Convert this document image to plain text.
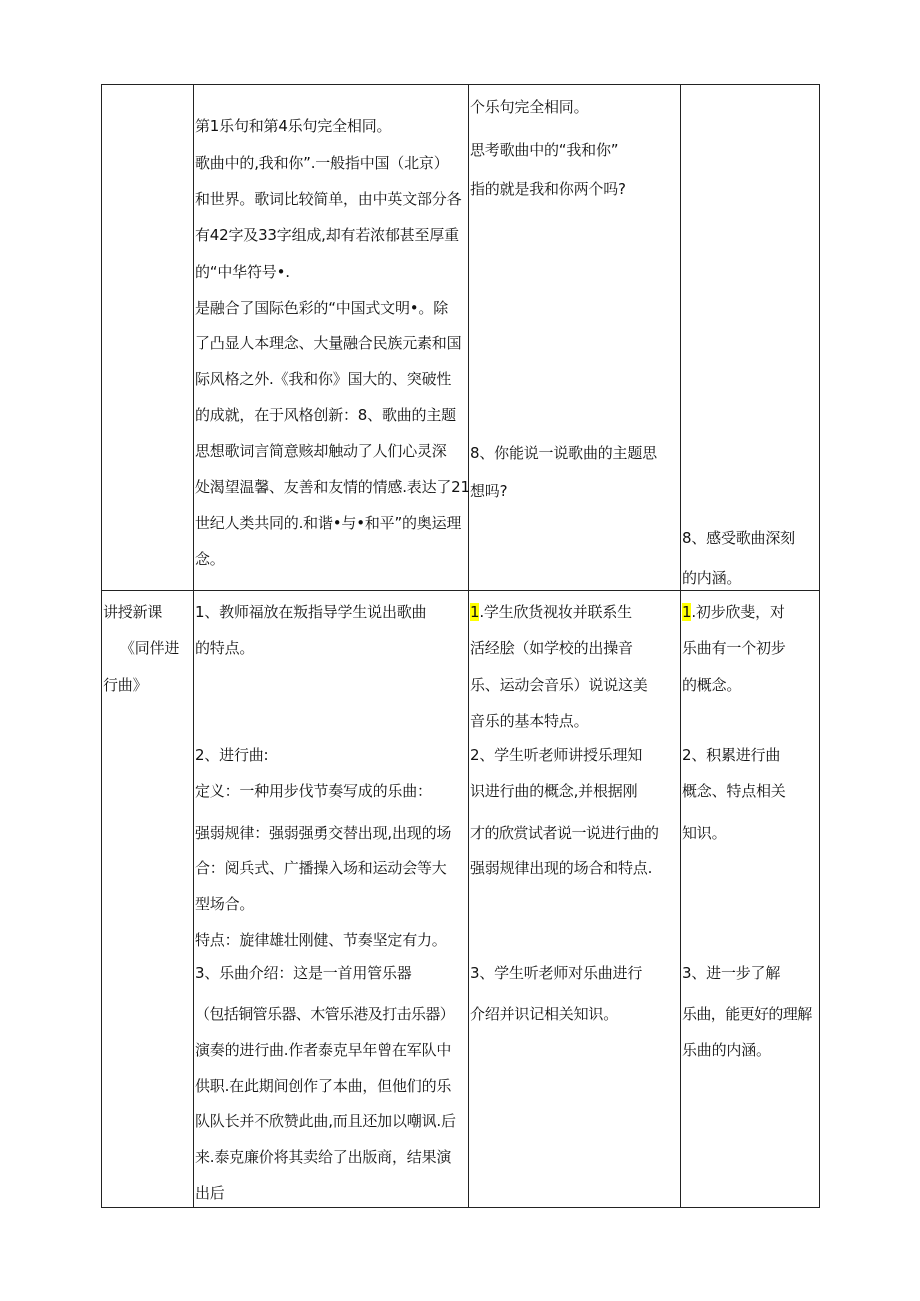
第1乐句和第4乐句完全相同。
歌曲中的,我和你”.一般指中国（北京）
和世界。歌词比较简单，由中英文部分各
有42字及33字组成,却有若浓郁甚至厚重
的“中华符号•.
是融合了国际色彩的“中国式文明•。除
了凸显人本理念、大量融合民族元素和国
际风格之外.《我和你》国大的、突破性
的成就，在于风格创新：8、歌曲的主题
思想歌词言简意赅却触动了人们心灵深
处渴望温馨、友善和友情的情感.表达了21
世纪人类共同的.和谐•与•和平”的奥运理
念。
个乐句完全相同。
思考歌曲中的“我和你”
指的就是我和你两个吗?
8、你能说一说歌曲的主题思
想吗?
8、感受歌曲深刻
的内涵。
讲授新课
《同伴进
行曲》
1、教师福放在叛指导学生说出歌曲
的特点。
2、进行曲:
定义：一种用步伐节奏写成的乐曲：
强弱规律：强弱强勇交替出现,出现的场
合：阅兵式、广播操入场和运动会等大
型场合。
特点：旋律雄壮刚健、节奏坚定有力。
3、乐曲介绍：这是一首用管乐器
（包括铜管乐器、木管乐港及打击乐器）
演奏的进行曲.作者泰克早年曾在军队中
供职.在此期间创作了本曲，但他们的乐
队队长并不欣赞此曲,而且还加以嘲讽.后
来.泰克廉价将其卖给了出版商，结果演
出后
1.学生欣货视妆并联系生
活经脍（如学校的出操音
乐、运动会音乐）说说这美
音乐的基本特点。
2、学生听老师讲授乐理知
识进行曲的概念,并根据刚
才的欣赏试者说一说进行曲的
强弱规律出现的场合和特点.
3、学生听老师对乐曲进行
介绍并识记相关知识。
1.初步欣斐，对
乐曲有一个初步
的概念。
2、积累进行曲
概念、特点相关
知识。
3、进一步了解
乐曲，能更好的理解
乐曲的内涵。
